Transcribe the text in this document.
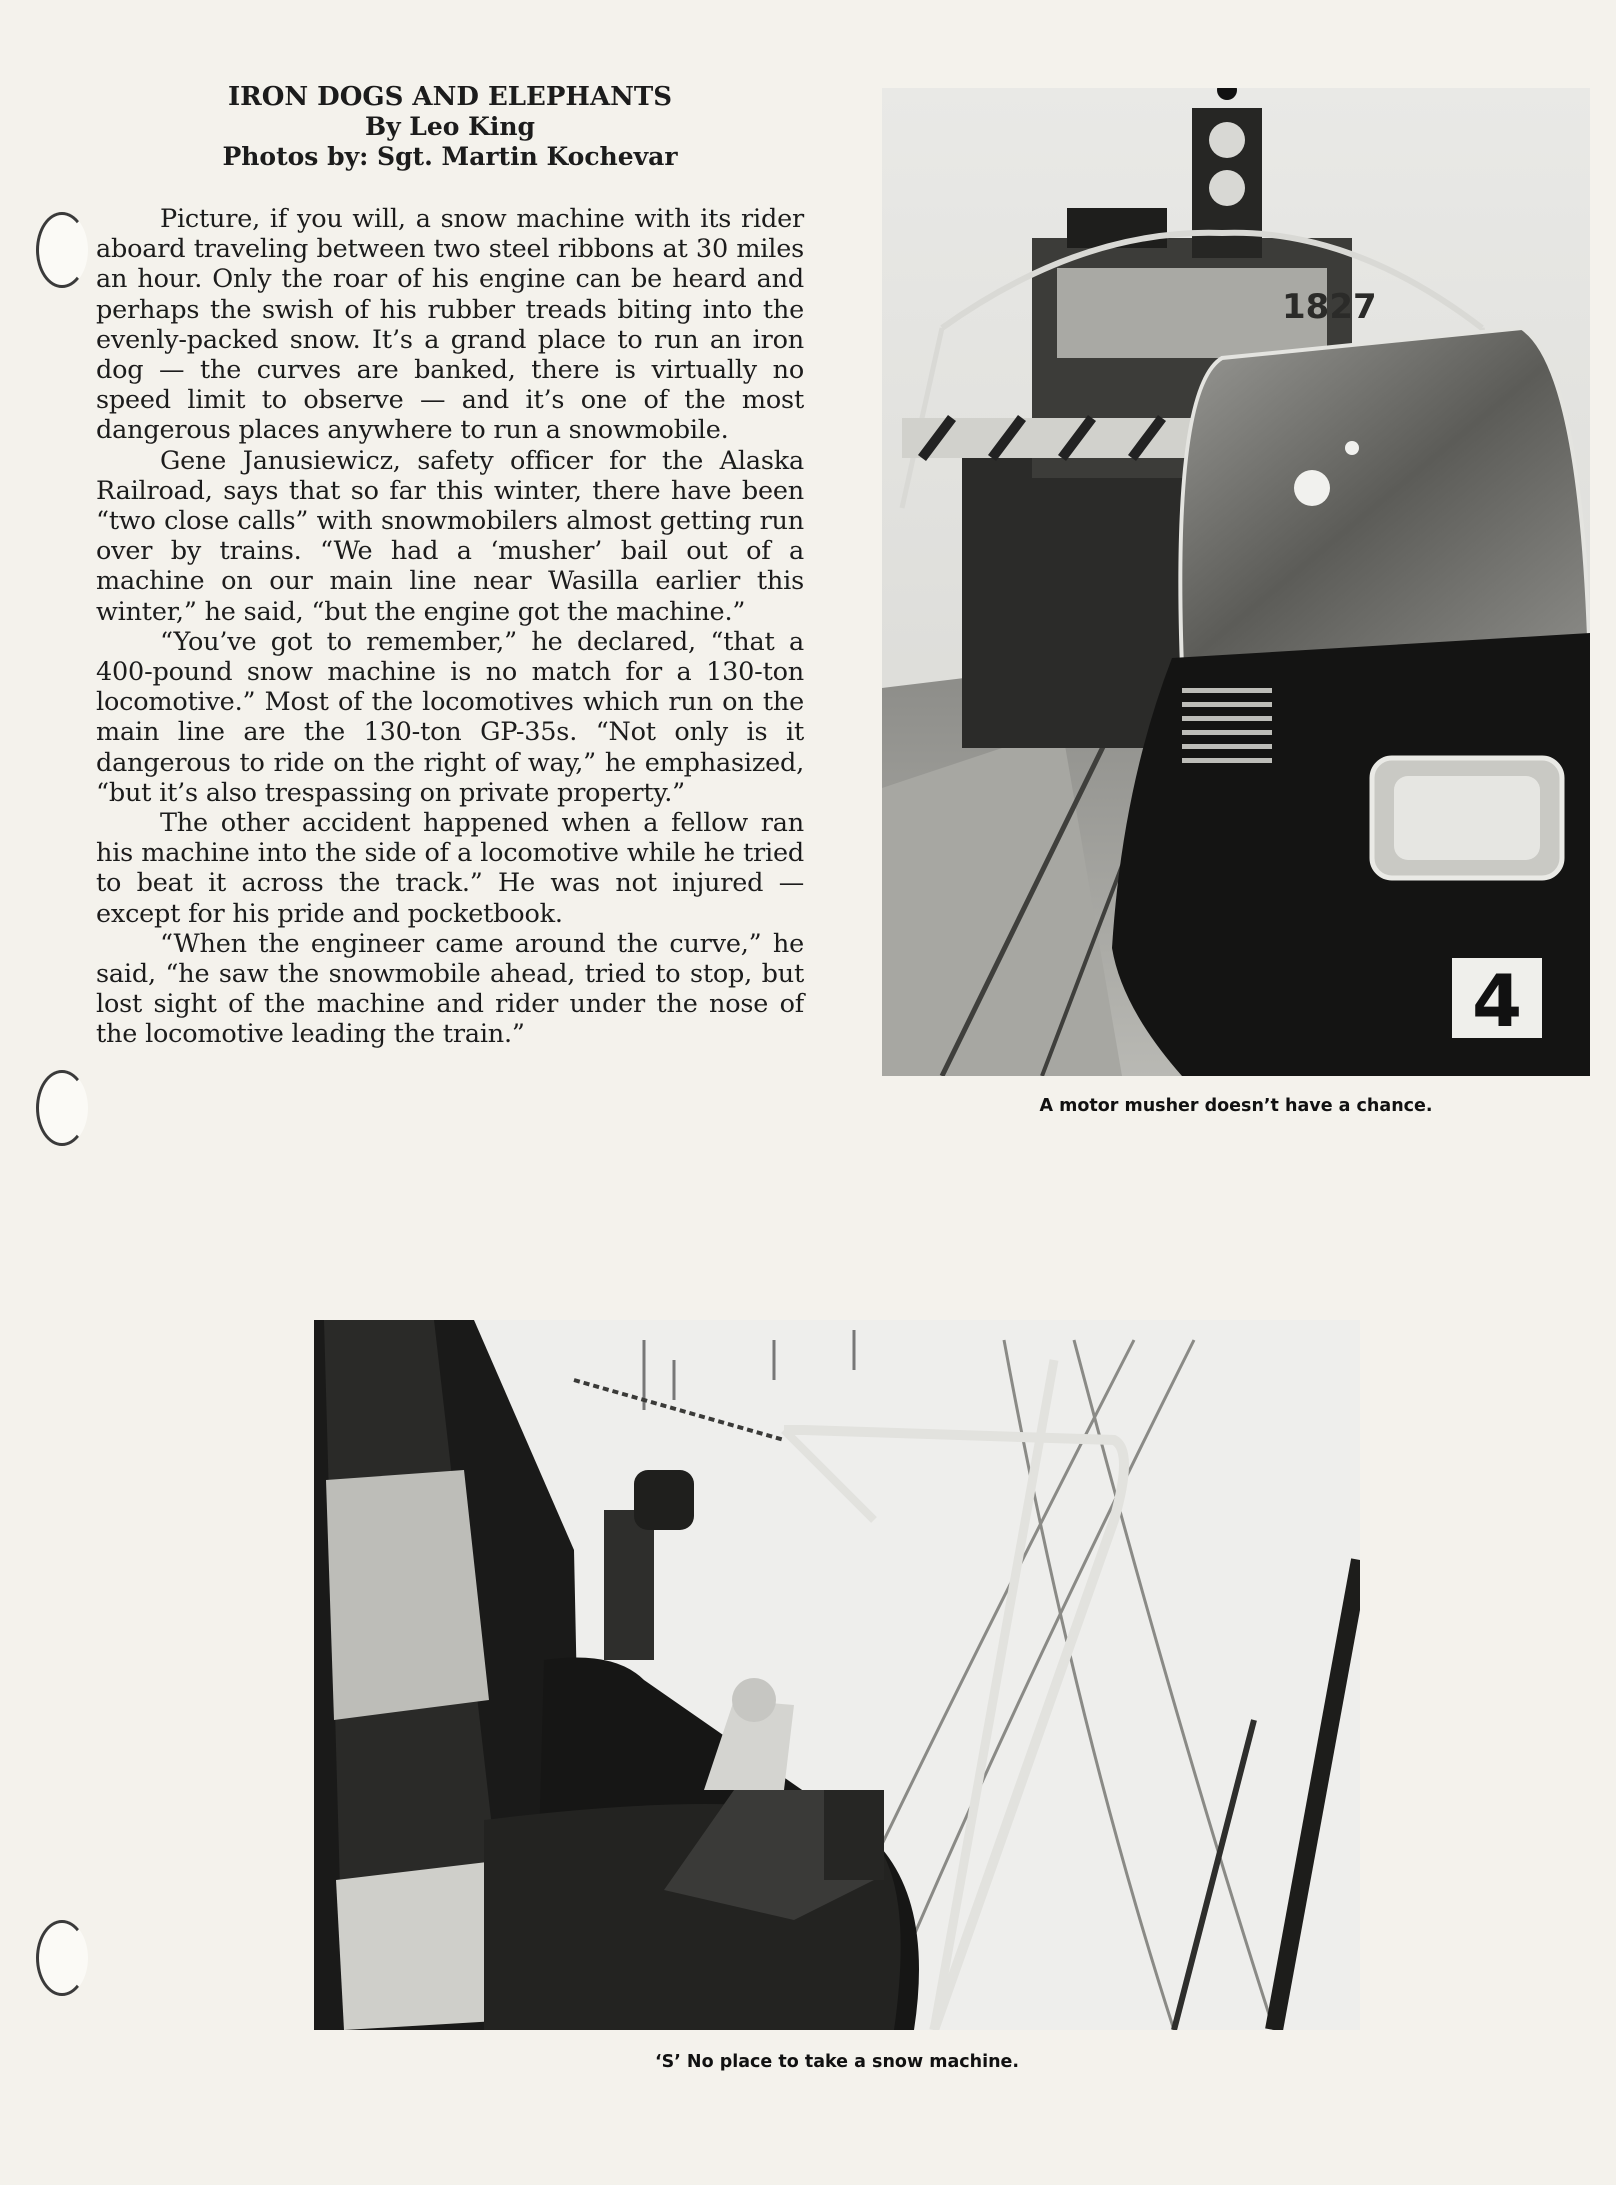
IRON DOGS AND ELEPHANTS
By Leo King
Photos by: Sgt. Martin Kochevar

Picture, if you will, a snow machine with its rider aboard traveling between two steel ribbons at 30 miles an hour. Only the roar of his engine can be heard and perhaps the swish of his rubber treads biting into the evenly-packed snow. It’s a grand place to run an iron dog — the curves are banked, there is virtually no speed limit to observe — and it’s one of the most dangerous places anywhere to run a snowmobile.

Gene Janusiewicz, safety officer for the Alaska Railroad, says that so far this winter, there have been “two close calls” with snowmobilers almost getting run over by trains. “We had a ‘musher’ bail out of a machine on our main line near Wasilla earlier this winter,” he said, “but the engine got the machine.”

“You’ve got to remember,” he declared, “that a 400-pound snow machine is no match for a 130-ton locomotive.” Most of the locomotives which run on the main line are the 130-ton GP-35s. “Not only is it dangerous to ride on the right of way,” he emphasized, “but it’s also trespassing on private property.”

The other accident happened when a fellow ran his machine into the side of a locomotive while he tried to beat it across the track.” He was not injured — except for his pride and pocketbook.

“When the engineer came around the curve,” he said, “he saw the snowmobile ahead, tried to stop, but lost sight of the machine and rider under the nose of the locomotive leading the train.”

1827
4
A motor musher doesn’t have a chance.
‘S’ No place to take a snow machine.
